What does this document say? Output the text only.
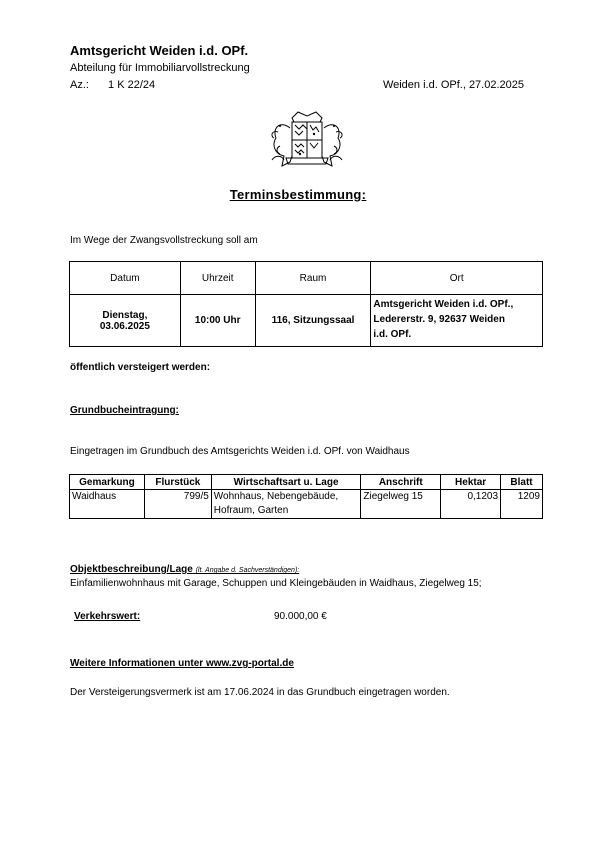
Amtsgericht Weiden i.d. OPf.
Abteilung für Immobiliarvollstreckung
Az.: 1 K 22/24	Weiden i.d. OPf., 27.02.2025
Terminsbestimmung:
Im Wege der Zwangsvollstreckung soll am
Datum	Uhrzeit	Raum	Ort
Dienstag,
03.06.2025	10:00 Uhr	116, Sitzungssaal	Amtsgericht Weiden i.d. OPf.,
Ledererstr. 9, 92637 Weiden
i.d. OPf.
öffentlich versteigert werden:
Grundbucheintragung:
Eingetragen im Grundbuch des Amtsgerichts Weiden i.d. OPf. von Waidhaus
Gemarkung	Flurstück	Wirtschaftsart u. Lage	Anschrift	Hektar	Blatt
Waidhaus	799/5	Wohnhaus, Nebengebäude,
Hofraum, Garten	Ziegelweg 15	0,1203	1209
Objektbeschreibung/Lage (lt. Angabe d. Sachverständigen):
Einfamilienwohnhaus mit Garage, Schuppen und Kleingebäuden in Waidhaus, Ziegelweg 15;
Verkehrswert:	90.000,00 €
Weitere Informationen unter www.zvg-portal.de
Der Versteigerungsvermerk ist am 17.06.2024 in das Grundbuch eingetragen worden.
